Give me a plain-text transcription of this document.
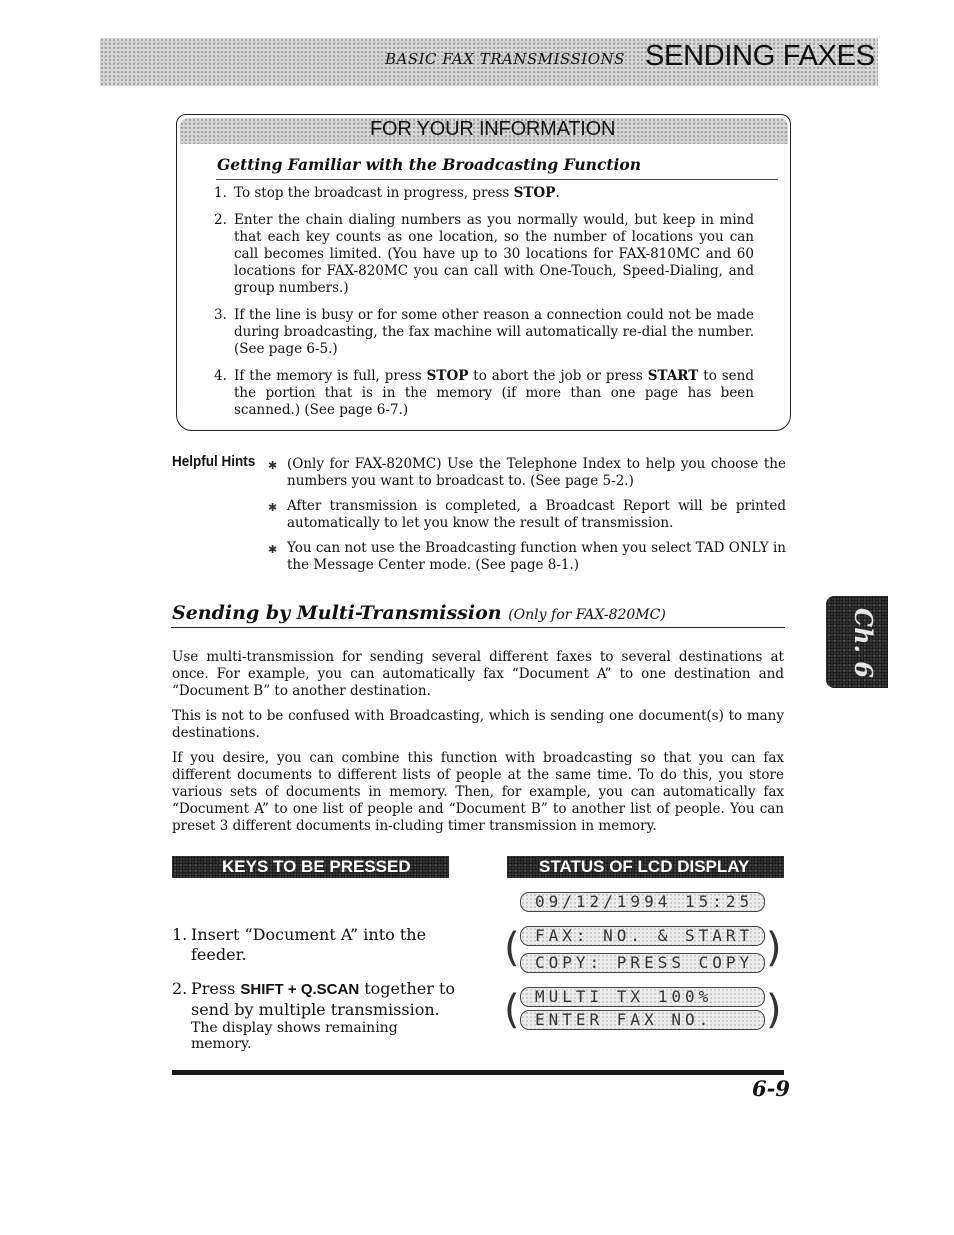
BASIC FAX TRANSMISSIONS SENDING FAXES
FOR YOUR INFORMATION
Getting Familiar with the Broadcasting Function
1. To stop the broadcast in progress, press STOP.
2. Enter the chain dialing numbers as you normally would, but keep in mind that each key counts as one location, so the number of locations you can call becomes limited. (You have up to 30 locations for FAX-810MC and 60 locations for FAX-820MC you can call with One-Touch, Speed-Dialing, and group numbers.)
3. If the line is busy or for some other reason a connection could not be made during broadcasting, the fax machine will automatically re-dial the number. (See page 6-5.)
4. If the memory is full, press STOP to abort the job or press START to send the portion that is in the memory (if more than one page has been scanned.) (See page 6-7.)
Helpful Hints ✱ (Only for FAX-820MC) Use the Telephone Index to help you choose the numbers you want to broadcast to. (See page 5-2.)
✱ After transmission is completed, a Broadcast Report will be printed automatically to let you know the result of transmission.
✱ You can not use the Broadcasting function when you select TAD ONLY in the Message Center mode. (See page 8-1.)
Sending by Multi-Transmission (Only for FAX-820MC)

Use multi-transmission for sending several different faxes to several destinations at once. For example, you can automatically fax “Document A” to one destination and “Document B” to another destination.

This is not to be confused with Broadcasting, which is sending one document(s) to many destinations.

If you desire, you can combine this function with broadcasting so that you can fax different documents to different lists of people at the same time. To do this, you store various sets of documents in memory. Then, for example, you can automatically fax “Document A” to one list of people and “Document B” to another list of people. You can preset 3 different documents in-cluding timer transmission in memory.

Ch. 6
KEYS TO BE PRESSED	STATUS OF LCD DISPLAY
1. Insert “Document A” into the feeder.
2. Press SHIFT + Q.SCAN together to send by multiple transmission.
The display shows remaining memory.
09/12/1994 15:25
( FAX: NO. & START
COPY: PRESS COPY )
( MULTI TX 100%
ENTER FAX NO.	)
6-9
